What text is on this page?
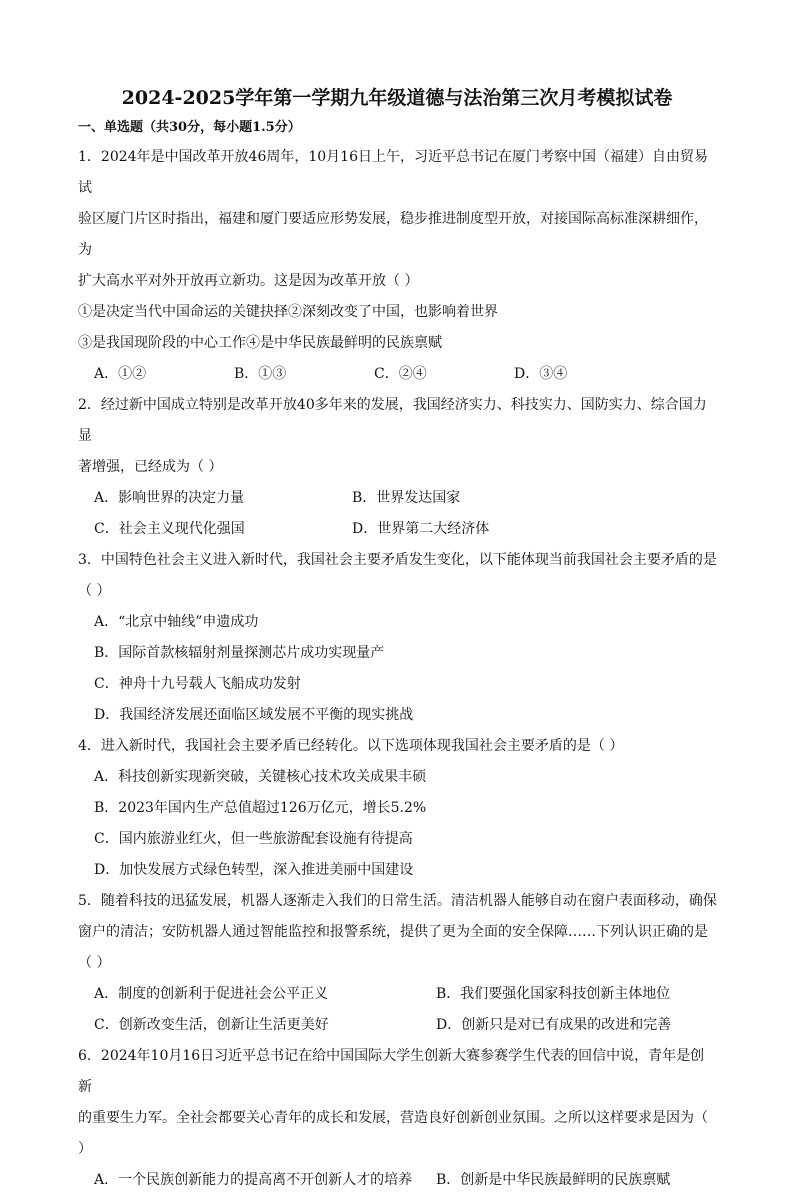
2024-2025学年第一学期九年级道德与法治第三次月考模拟试卷
一、单选题（共30分，每小题1.5分）

1．2024年是中国改革开放46周年，10月16日上午，习近平总书记在厦门考察中国（福建）自由贸易试

验区厦门片区时指出，福建和厦门要适应形势发展，稳步推进制度型开放，对接国际高标准深耕细作，为

扩大高水平对外开放再立新功。这是因为改革开放（ ）

①是决定当代中国命运的关键抉择②深刻改变了中国，也影响着世界

③是我国现阶段的中心工作④是中华民族最鲜明的民族禀赋

A．①②	B．①③	C．②④	D．③④

2．经过新中国成立特别是改革开放40多年来的发展，我国经济实力、科技实力、国防实力、综合国力显

著增强，已经成为（ ）

A．影响世界的决定力量	B．世界发达国家
C．社会主义现代化强国	D．世界第二大经济体

3．中国特色社会主义进入新时代，我国社会主要矛盾发生变化，以下能体现当前我国社会主要矛盾的是

（ ）

A．“北京中轴线”申遗成功
B．国际首款核辐射剂量探测芯片成功实现量产
C．神舟十九号载人飞船成功发射
D．我国经济发展还面临区域发展不平衡的现实挑战

4．进入新时代，我国社会主要矛盾已经转化。以下选项体现我国社会主要矛盾的是（ ）

A．科技创新实现新突破，关键核心技术攻关成果丰硕
B．2023年国内生产总值超过126万亿元，增长5.2%
C．国内旅游业红火，但一些旅游配套设施有待提高
D．加快发展方式绿色转型，深入推进美丽中国建设

5．随着科技的迅猛发展，机器人逐渐走入我们的日常生活。清洁机器人能够自动在窗户表面移动，确保

窗户的清洁；安防机器人通过智能监控和报警系统，提供了更为全面的安全保障……下列认识正确的是

（ ）

A．制度的创新利于促进社会公平正义	B．我们要强化国家科技创新主体地位
C．创新改变生活，创新让生活更美好	D．创新只是对已有成果的改进和完善

6．2024年10月16日习近平总书记在给中国国际大学生创新大赛参赛学生代表的回信中说，青年是创新

的重要生力军。全社会都要关心青年的成长和发展，营造良好创新创业氛围。之所以这样要求是因为（ ）

A．一个民族创新能力的提高离不开创新人才的培养	B．创新是中华民族最鲜明的民族禀赋
